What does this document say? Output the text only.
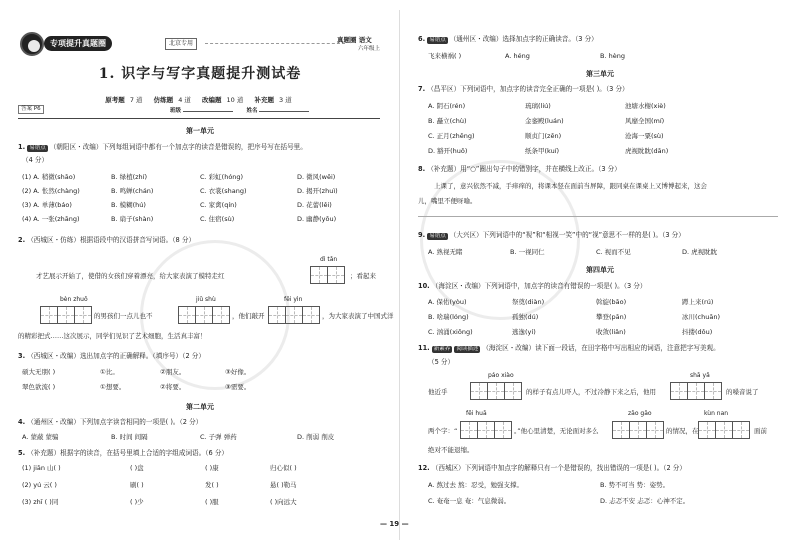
专项提升真题圈	北京专用	真题圈 语文
六年级上
1. 识字与写字真题提升测试卷
原考题 7 道 仿练题 4 道 改编题 10 道 补充题 3 道
答案 P6	班级	姓名
第一单元
1. 易错点 （朝阳区・改编）下列每组词语中都有一个加点字的读音是错误的，把序号写在括号里。
（4 分）
(1) A. 稍微(shāo)	B. 绿植(zhí)	C. 彩虹(hóng)	D. 微风(wēi)
(2) A. 怅然(chàng)	B. 鸣蝉(chán)	C. 衣裳(shang)	D. 揭开(zhuì)
(3) A. 单薄(báo)	B. 模糊(hú)	C. 家禽(qín)	D. 花蕾(lěi)
(4) A. 一张(zhāng)	B. 扇子(shàn)	C. 住宿(sù)	D. 幽静(yōu)
2. （西城区・仿练）根据语段中的汉语拼音写词语。（8 分）
dì tǎn
才艺展示开始了，使借的女孩们穿着漂亮，给大家表演了模特走红	；看起来
bèn zhuō	jiǔ shù	fěi yìn
的男孩们一点儿也不	，他们敲开	，为大家表演了中国式洋
的精彩把式……这次展示，同学们见识了艺术细胞，生活真丰富！
3. （西城区・改编）选出加点字的正确解释。（填序号）（2 分）
硕大无朋( )	①比。	②朋友。	③好像。
翠色欲流( )	①想要。	②将要。	③需要。
第二单元
4. （通州区・改编）下列加点字读音相同的一项是( )。（2 分）
A. 蒙蔽 蒙骗	B. 时间 间隔	C. 子弹 弹药	D. 削弱 削皮
5. （补充题）根据字的读音，在括号里填上合适的字组成词语。（6 分）
(1) jiān 山( )	( )盘	( )康	归心似( )
(2) yú 云( )	刷( )	发( )	悬( )勒马
(3) zhī ( )同	( )少	( )服	( )向远大
6. 易错点 （通州区・改编）选择加点字的正确读音。（3 分）
飞来横祸( )	A. héng	B. hèng
第三单元
7. （昌平区）下列词语中，加点字的读音完全正确的一项是( )。（3 分）
A. 阴石(rén)	琉璃(liú)	池塘水榭(xiè)
B. 矗立(chù)	金銮殿(luán)	风靡全国(mí)
C. 正月(zhēng)	顺贞门(zēn)	沧海一粟(sù)
D. 豁开(huō)	纸条甲(kuí)	虎视眈眈(dān)
8. （补充题）用“○”圈出句子中的错别字，并在横线上改正。（3 分）
上课了，意兴依然不减，手痒痒的，将课本竖在面前当屏障，跟同桌在课桌上又博博起来，这会
儿，嘴里不便呀喻。
9. 易错点 （大兴区）下列词语中的“视”和“相视一笑”中的“视”意思不一样的是( )。（3 分）
A. 熟视无睹	B. 一视同仁	C. 视而不见	D. 虎视眈眈
第四单元
10. （海淀区・改编）下列词语中，加点字的读音有错误的一项是( )。（3 分）
A. 保佑(yòu)	祭奠(diàn)	斡旋(bāo)	蹲上来(rú)
B. 啥瑞(lóng)	孤独(dú)	攀登(pān)	冰川(chuān)
C. 汹涌(xiōng)	逃逸(yí)	收敛(liǎn)	抖搂(dǒu)
11. 新素养 阅读描述 （海淀区・改编）读下面一段话，在田字格中写出相应的词语，注意把字写美观。
（5 分）
páo xiào	shā yǎ
他近乎	的样子有点儿吓人，不过冷静下来之后，他用	的嗓音说了
fēi huā	zāo gāo	kùn nan
两个字：“	。”他心里清楚，无论面对多么	的情况，在	面前
绝对不能退缩。
12. （西城区）下列词语中加点字的解释只有一个是错误的，找出错误的一项是( )。（2 分）
A. 熬过去 熬：忍受，勉强支撑。	B. 势不可当 势：姿势。
C. 奄奄一息 奄：气息微弱。	D. 忐忑不安 忐忑：心神不定。
— 19 —
